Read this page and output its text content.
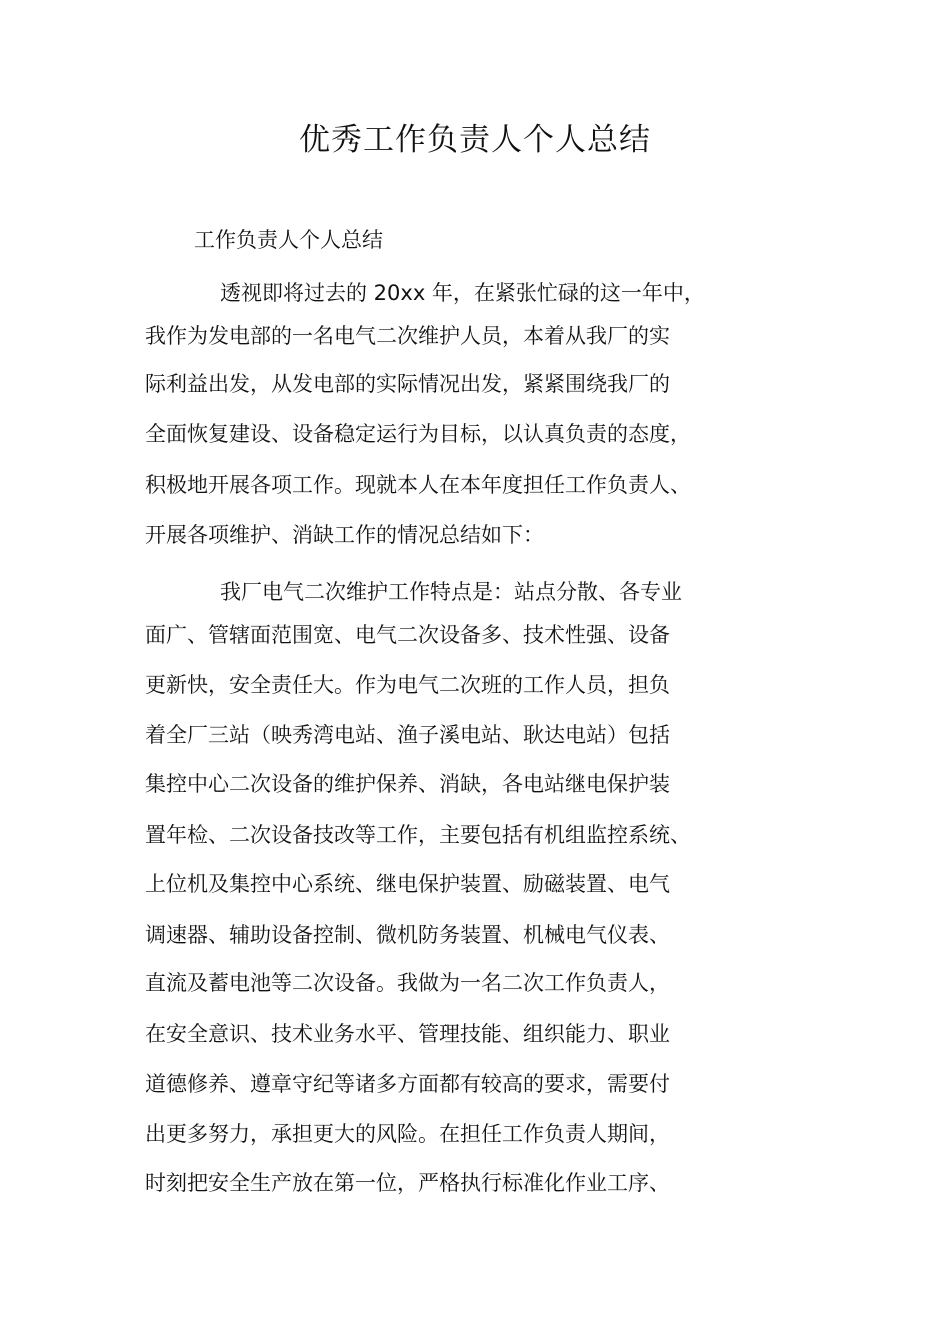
优秀工作负责人个人总结
工作负责人个人总结
透视即将过去的 20xx 年，在紧张忙碌的这一年中，
我作为发电部的一名电气二次维护人员，本着从我厂的实
际利益出发，从发电部的实际情况出发，紧紧围绕我厂的
全面恢复建设、设备稳定运行为目标，以认真负责的态度，
积极地开展各项工作。现就本人在本年度担任工作负责人、
开展各项维护、消缺工作的情况总结如下：
我厂电气二次维护工作特点是：站点分散、各专业
面广、管辖面范围宽、电气二次设备多、技术性强、设备
更新快，安全责任大。作为电气二次班的工作人员，担负
着全厂三站（映秀湾电站、渔子溪电站、耿达电站）包括
集控中心二次设备的维护保养、消缺，各电站继电保护装
置年检、二次设备技改等工作，主要包括有机组监控系统、
上位机及集控中心系统、继电保护装置、励磁装置、电气
调速器、辅助设备控制、微机防务装置、机械电气仪表、
直流及蓄电池等二次设备。我做为一名二次工作负责人，
在安全意识、技术业务水平、管理技能、组织能力、职业
道德修养、遵章守纪等诸多方面都有较高的要求，需要付
出更多努力，承担更大的风险。在担任工作负责人期间，
时刻把安全生产放在第一位，严格执行标准化作业工序、
